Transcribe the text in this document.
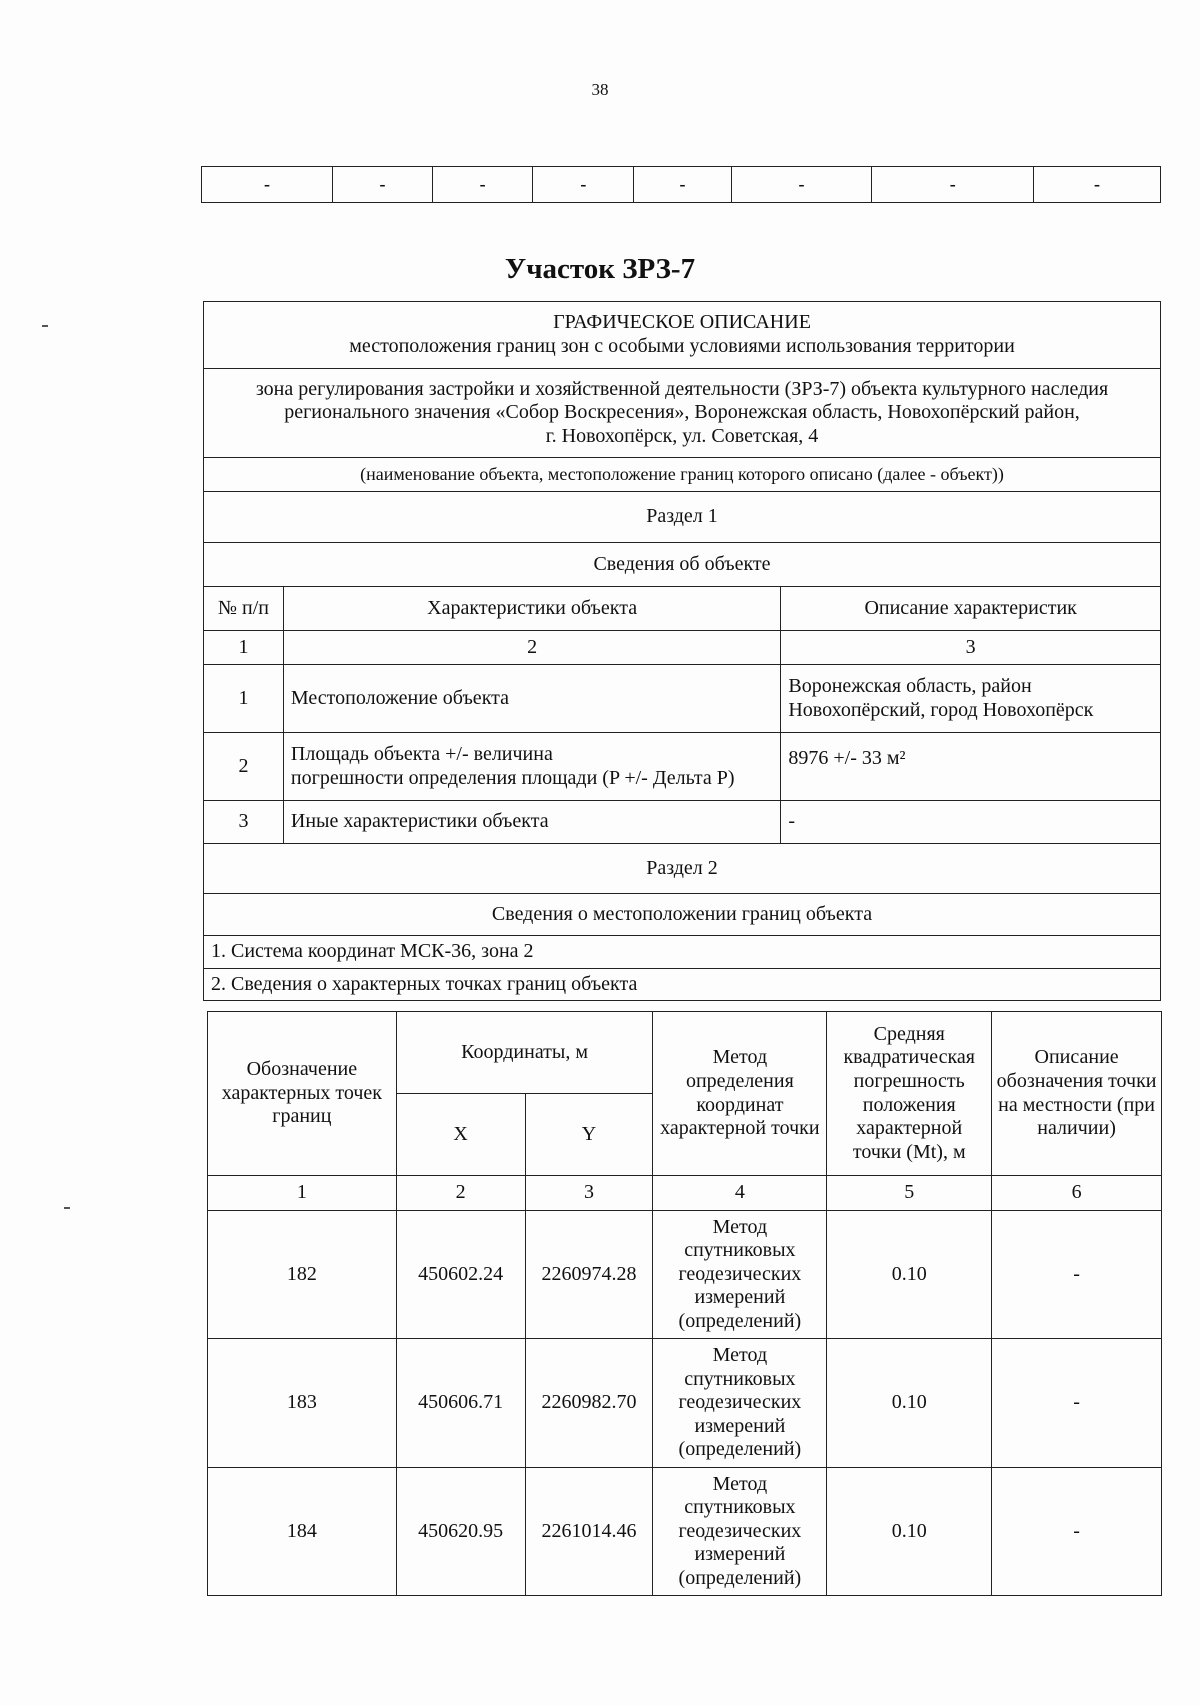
38
-	-	-	-	-	-	-	-
Участок ЗРЗ-7
ГРАФИЧЕСКОЕ ОПИСАНИЕ
местоположения границ зон с особыми условиями использования территории		

зона регулирования застройки и хозяйственной деятельности (ЗРЗ-7) объекта культурного наследия
регионального значения «Собор Воскресения», Воронежская область, Новохопёрский район,
г. Новохопёрск, ул. Советская, 4		

(наименование объекта, местоположение границ которого описано (далее - объект))		
Раздел 1		
Сведения об объекте		
№ п/п	Характеристики объекта	Описание характеристик
1	2	3
1	Местоположение объекта	Воронежская область, район
Новохопёрский, город Новохопёрск

2	Площадь объекта +/- величина
погрешности определения площади (P +/- Дельта P)	8976 +/- 33 м²
3	Иные характеристики объекта	-
Раздел 2		
Сведения о местоположении границ объекта		
1. Система координат МСК-36, зона 2		
2. Сведения о характерных точках границ объекта		
Обозначение характерных точек границ	Координаты, м		Метод определения координат характерной точки	Средняя квадратическая погрешность положения характерной точки (Mt), м	Описание обозначения точки на местности (при наличии)
	X	Y			
1	2	3	4	5	6
182	450602.24	2260974.28	Метод спутниковых геодезических измерений (определений)	0.10	-
183	450606.71	2260982.70	Метод спутниковых геодезических измерений (определений)	0.10	-
184	450620.95	2261014.46	Метод спутниковых геодезических измерений (определений)	0.10	-
